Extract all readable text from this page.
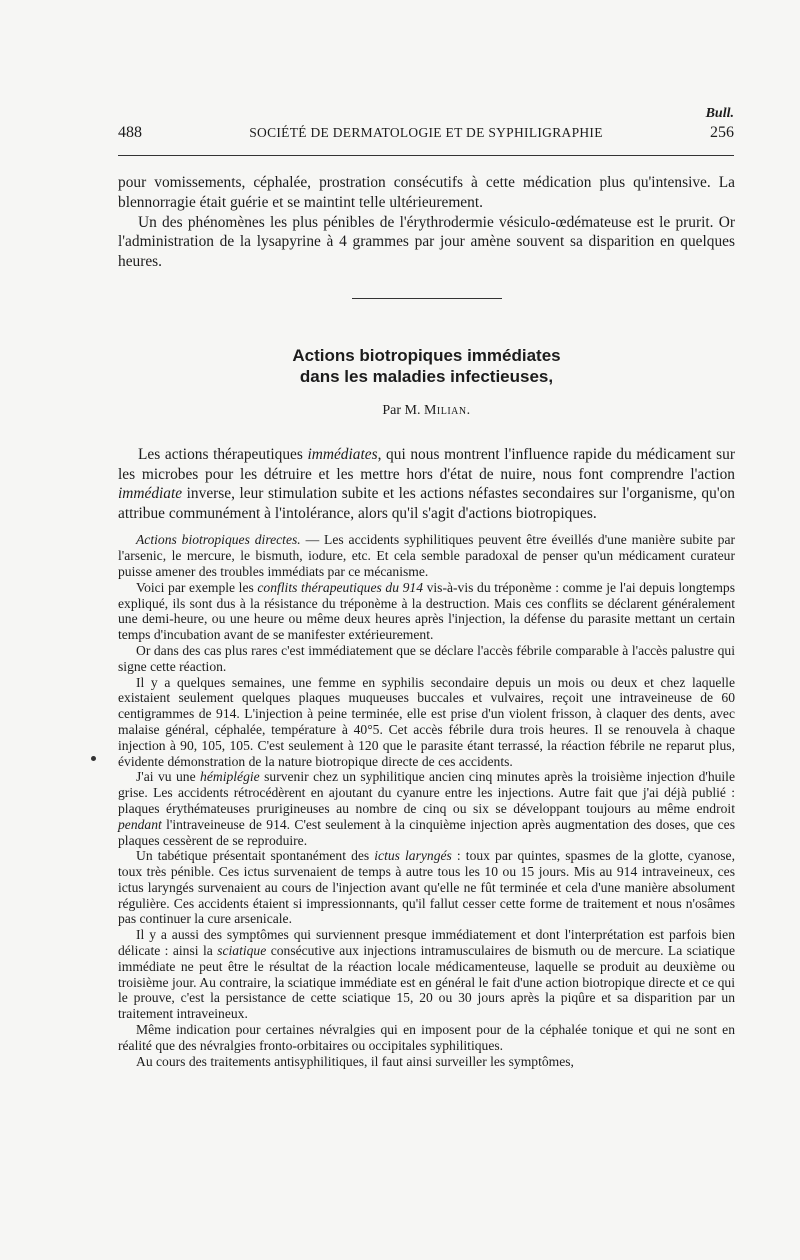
Bull.
488	SOCIÉTÉ DE DERMATOLOGIE ET DE SYPHILIGRAPHIE	256

pour vomissements, céphalée, prostration consécutifs à cette médication plus qu'intensive. La blennorragie était guérie et se maintint telle ultérieurement.

Un des phénomènes les plus pénibles de l'érythrodermie vésiculo-œdémateuse est le prurit. Or l'administration de la lysapyrine à 4 grammes par jour amène souvent sa disparition en quelques heures.

Actions biotropiques immédiates
dans les maladies infectieuses,
Par M. Milian.

Les actions thérapeutiques immédiates, qui nous montrent l'influence rapide du médicament sur les microbes pour les détruire et les mettre hors d'état de nuire, nous font comprendre l'action immédiate inverse, leur stimulation subite et les actions néfastes secondaires sur l'organisme, qu'on attribue communément à l'intolérance, alors qu'il s'agit d'actions biotropiques.

Actions biotropiques directes. — Les accidents syphilitiques peuvent être éveillés d'une manière subite par l'arsenic, le mercure, le bismuth, iodure, etc. Et cela semble paradoxal de penser qu'un médicament curateur puisse amener des troubles immédiats par ce mécanisme.

Voici par exemple les conflits thérapeutiques du 914 vis-à-vis du tréponème : comme je l'ai depuis longtemps expliqué, ils sont dus à la résistance du tréponème à la destruction. Mais ces conflits se déclarent généralement une demi-heure, ou une heure ou même deux heures après l'injection, la défense du parasite mettant un certain temps d'incubation avant de se manifester extérieurement.

Or dans des cas plus rares c'est immédiatement que se déclare l'accès fébrile comparable à l'accès palustre qui signe cette réaction.

Il y a quelques semaines, une femme en syphilis secondaire depuis un mois ou deux et chez laquelle existaient seulement quelques plaques muqueuses buccales et vulvaires, reçoit une intraveineuse de 60 centigrammes de 914. L'injection à peine terminée, elle est prise d'un violent frisson, à claquer des dents, avec malaise général, céphalée, température à 40°5. Cet accès fébrile dura trois heures. Il se renouvela à chaque injection à 90, 105, 105. C'est seulement à 120 que le parasite étant terrassé, la réaction fébrile ne reparut plus, évidente démonstration de la nature biotropique directe de ces accidents.

J'ai vu une hémiplégie survenir chez un syphilitique ancien cinq minutes après la troisième injection d'huile grise. Les accidents rétrocédèrent en ajoutant du cyanure entre les injections. Autre fait que j'ai déjà publié : plaques érythémateuses prurigineuses au nombre de cinq ou six se développant toujours au même endroit pendant l'intraveineuse de 914. C'est seulement à la cinquième injection après augmentation des doses, que ces plaques cessèrent de se reproduire.

Un tabétique présentait spontanément des ictus laryngés : toux par quintes, spasmes de la glotte, cyanose, toux très pénible. Ces ictus survenaient de temps à autre tous les 10 ou 15 jours. Mis au 914 intraveineux, ces ictus laryngés survenaient au cours de l'injection avant qu'elle ne fût terminée et cela d'une manière absolument régulière. Ces accidents étaient si impressionnants, qu'il fallut cesser cette forme de traitement et nous n'osâmes pas continuer la cure arsenicale.

Il y a aussi des symptômes qui surviennent presque immédiatement et dont l'interprétation est parfois bien délicate : ainsi la sciatique consécutive aux injections intramusculaires de bismuth ou de mercure. La sciatique immédiate ne peut être le résultat de la réaction locale médicamenteuse, laquelle se produit au deuxième ou troisième jour. Au contraire, la sciatique immédiate est en général le fait d'une action biotropique directe et ce qui le prouve, c'est la persistance de cette sciatique 15, 20 ou 30 jours après la piqûre et sa disparition par un traitement intraveineux.

Même indication pour certaines névralgies qui en imposent pour de la céphalée tonique et qui ne sont en réalité que des névralgies fronto-orbitaires ou occipitales syphilitiques.

Au cours des traitements antisyphilitiques, il faut ainsi surveiller les symptômes,
